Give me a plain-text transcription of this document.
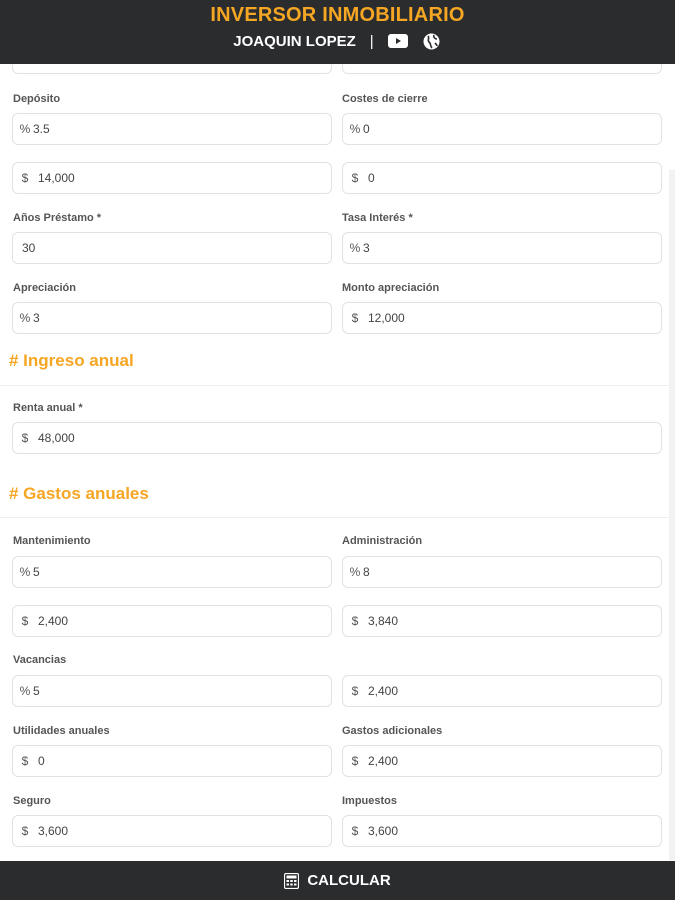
INVERSOR INMOBILIARIO
JOAQUIN LOPEZ |
Depósito
% 3.5
$ 14,000
Costes de cierre
% 0
$ 0
Años Préstamo *
30
Tasa Interés *
% 3
Apreciación
% 3
Monto apreciación
$ 12,000
# Ingreso anual
Renta anual *
$ 48,000
# Gastos anuales
Mantenimiento
% 5
$ 2,400
Administración
% 8
$ 3,840
Vacancias
% 5	$ 2,400
Utilidades anuales
$ 0
Gastos adicionales
$ 2,400
Seguro
$ 3,600
Impuestos
$ 3,600
CALCULAR
